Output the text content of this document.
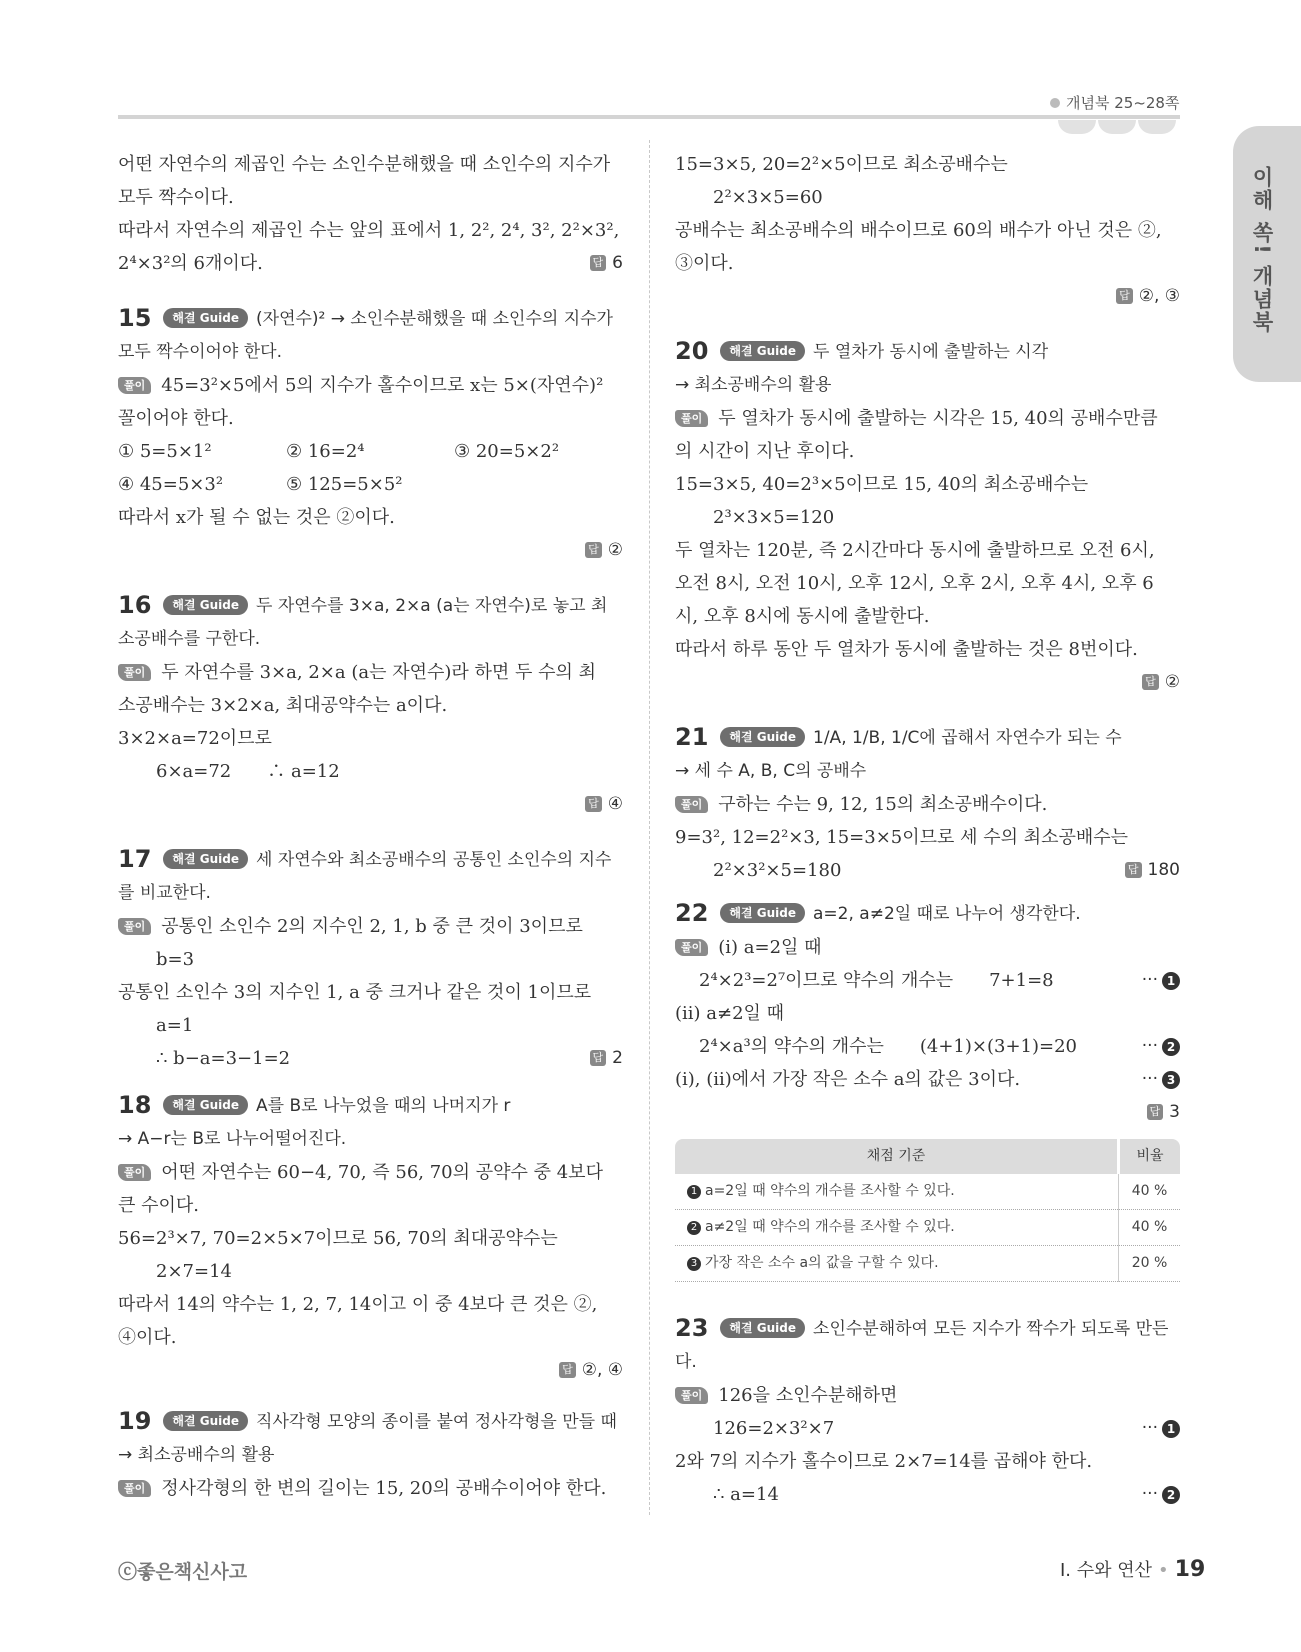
개념북 25~28쪽
이해 쏙! 개념북
어떤 자연수의 제곱인 수는 소인수분해했을 때 소인수의 지수가
모두 짝수이다.
따라서 자연수의 제곱인 수는 앞의 표에서 1, 2², 2⁴, 3², 2²×3²,
2⁴×3²의 6개이다.	답 6
15 해결 Guide (자연수)² → 소인수분해했을 때 소인수의 지수가
모두 짝수이어야 한다.
풀이 45=3²×5에서 5의 지수가 홀수이므로 x는 5×(자연수)²
꼴이어야 한다.
① 5=5×1²	② 16=2⁴	③ 20=5×2²
④ 45=5×3²	⑤ 125=5×5²
따라서 x가 될 수 없는 것은 ②이다.
답 ②
16 해결 Guide 두 자연수를 3×a, 2×a (a는 자연수)로 놓고 최
소공배수를 구한다.
풀이 두 자연수를 3×a, 2×a (a는 자연수)라 하면 두 수의 최
소공배수는 3×2×a, 최대공약수는 a이다.
3×2×a=72이므로
6×a=72　　∴ a=12
답 ④
17 해결 Guide 세 자연수와 최소공배수의 공통인 소인수의 지수
를 비교한다.
풀이 공통인 소인수 2의 지수인 2, 1, b 중 큰 것이 3이므로
b=3
공통인 소인수 3의 지수인 1, a 중 크거나 같은 것이 1이므로
a=1
∴ b−a=3−1=2	답 2
18 해결 Guide A를 B로 나누었을 때의 나머지가 r
→ A−r는 B로 나누어떨어진다.
풀이 어떤 자연수는 60−4, 70, 즉 56, 70의 공약수 중 4보다
큰 수이다.
56=2³×7, 70=2×5×7이므로 56, 70의 최대공약수는
2×7=14
따라서 14의 약수는 1, 2, 7, 14이고 이 중 4보다 큰 것은 ②,
④이다.
답 ②, ④
19 해결 Guide 직사각형 모양의 종이를 붙여 정사각형을 만들 때
→ 최소공배수의 활용
풀이 정사각형의 한 변의 길이는 15, 20의 공배수이어야 한다.
15=3×5, 20=2²×5이므로 최소공배수는
2²×3×5=60
공배수는 최소공배수의 배수이므로 60의 배수가 아닌 것은 ②,
③이다.
답 ②, ③
20 해결 Guide 두 열차가 동시에 출발하는 시각
→ 최소공배수의 활용
풀이 두 열차가 동시에 출발하는 시각은 15, 40의 공배수만큼
의 시간이 지난 후이다.
15=3×5, 40=2³×5이므로 15, 40의 최소공배수는
2³×3×5=120
두 열차는 120분, 즉 2시간마다 동시에 출발하므로 오전 6시,
오전 8시, 오전 10시, 오후 12시, 오후 2시, 오후 4시, 오후 6
시, 오후 8시에 동시에 출발한다.
따라서 하루 동안 두 열차가 동시에 출발하는 것은 8번이다.
답 ②
21 해결 Guide 1/A, 1/B, 1/C에 곱해서 자연수가 되는 수
→ 세 수 A, B, C의 공배수
풀이 구하는 수는 9, 12, 15의 최소공배수이다.
9=3², 12=2²×3, 15=3×5이므로 세 수의 최소공배수는
2²×3²×5=180	답 180
22 해결 Guide a=2, a≠2일 때로 나누어 생각한다.
풀이 (i) a=2일 때
2⁴×2³=2⁷이므로 약수의 개수는　　7+1=8	··· 1
(ii) a≠2일 때
2⁴×a³의 약수의 개수는　　(4+1)×(3+1)=20	··· 2
(i), (ii)에서 가장 작은 소수 a의 값은 3이다.	··· 3
답 3
채점 기준	비율
1 a=2일 때 약수의 개수를 조사할 수 있다.	40 %
2 a≠2일 때 약수의 개수를 조사할 수 있다.	40 %
3 가장 작은 소수 a의 값을 구할 수 있다.	20 %
23 해결 Guide 소인수분해하여 모든 지수가 짝수가 되도록 만든
다.
풀이 126을 소인수분해하면
126=2×3²×7	··· 1
2와 7의 지수가 홀수이므로 2×7=14를 곱해야 한다.
∴ a=14	··· 2
ⓒ좋은책신사고	Ⅰ. 수와 연산 • 19
